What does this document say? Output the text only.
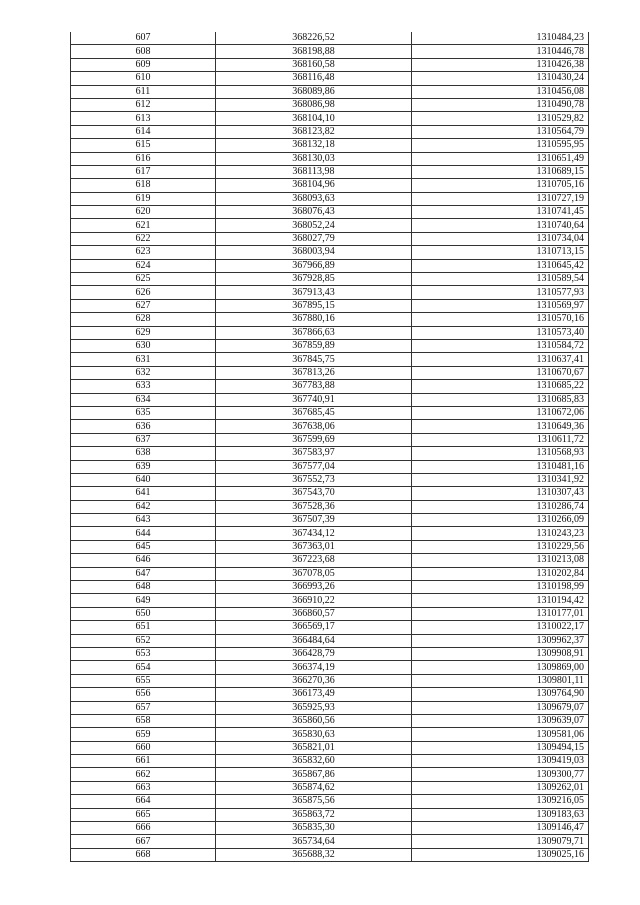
607	368226,52	1310484,23
608	368198,88	1310446,78
609	368160,58	1310426,38
610	368116,48	1310430,24
611	368089,86	1310456,08
612	368086,98	1310490,78
613	368104,10	1310529,82
614	368123,82	1310564,79
615	368132,18	1310595,95
616	368130,03	1310651,49
617	368113,98	1310689,15
618	368104,96	1310705,16
619	368093,63	1310727,19
620	368076,43	1310741,45
621	368052,24	1310740,64
622	368027,79	1310734,04
623	368003,94	1310713,15
624	367966,89	1310645,42
625	367928,85	1310589,54
626	367913,43	1310577,93
627	367895,15	1310569,97
628	367880,16	1310570,16
629	367866,63	1310573,40
630	367859,89	1310584,72
631	367845,75	1310637,41
632	367813,26	1310670,67
633	367783,88	1310685,22
634	367740,91	1310685,83
635	367685,45	1310672,06
636	367638,06	1310649,36
637	367599,69	1310611,72
638	367583,97	1310568,93
639	367577,04	1310481,16
640	367552,73	1310341,92
641	367543,70	1310307,43
642	367528,36	1310286,74
643	367507,39	1310266,09
644	367434,12	1310243,23
645	367363,01	1310229,56
646	367223,68	1310213,08
647	367078,05	1310202,84
648	366993,26	1310198,99
649	366910,22	1310194,42
650	366860,57	1310177,01
651	366569,17	1310022,17
652	366484,64	1309962,37
653	366428,79	1309908,91
654	366374,19	1309869,00
655	366270,36	1309801,11
656	366173,49	1309764,90
657	365925,93	1309679,07
658	365860,56	1309639,07
659	365830,63	1309581,06
660	365821,01	1309494,15
661	365832,60	1309419,03
662	365867,86	1309300,77
663	365874,62	1309262,01
664	365875,56	1309216,05
665	365863,72	1309183,63
666	365835,30	1309146,47
667	365734,64	1309079,71
668	365688,32	1309025,16
